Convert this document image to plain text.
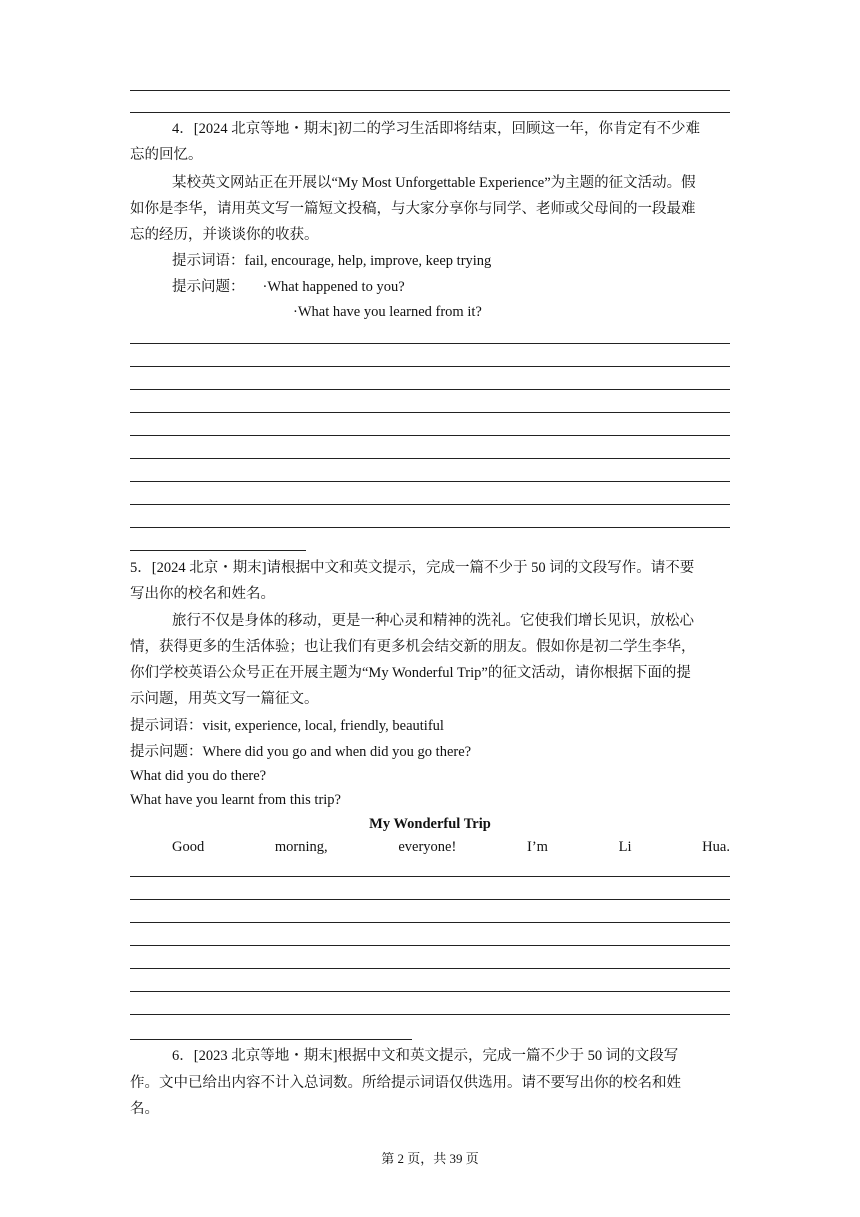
4．[2024 北京等地・期末]初二的学习生活即将结束，回顾这一年，你肯定有不少难
忘的回忆。
某校英文网站正在开展以“My Most Unforgettable Experience”为主题的征文活动。假
如你是李华，请用英文写一篇短文投稿，与大家分享你与同学、老师或父母间的一段最难
忘的经历，并谈谈你的收获。
提示词语：fail, encourage, help, improve, keep trying
提示问题： ·What happened to you?
·What have you learned from it?
5．[2024 北京・期末]请根据中文和英文提示，完成一篇不少于 50 词的文段写作。请不要
写出你的校名和姓名。
旅行不仅是身体的移动，更是一种心灵和精神的洗礼。它使我们增长见识，放松心
情，获得更多的生活体验；也让我们有更多机会结交新的朋友。假如你是初二学生李华，
你们学校英语公众号正在开展主题为“My Wonderful Trip”的征文活动，请你根据下面的提
示问题，用英文写一篇征文。
提示词语：visit, experience, local, friendly, beautiful
提示问题：Where did you go and when did you go there?
What did you do there?
What have you learnt from this trip?
My Wonderful Trip
Good	morning,	everyone!	I’m	Li	Hua.
6．[2023 北京等地・期末]根据中文和英文提示，完成一篇不少于 50 词的文段写
作。文中已给出内容不计入总词数。所给提示词语仅供选用。请不要写出你的校名和姓
名。
第 2 页，共 39 页
